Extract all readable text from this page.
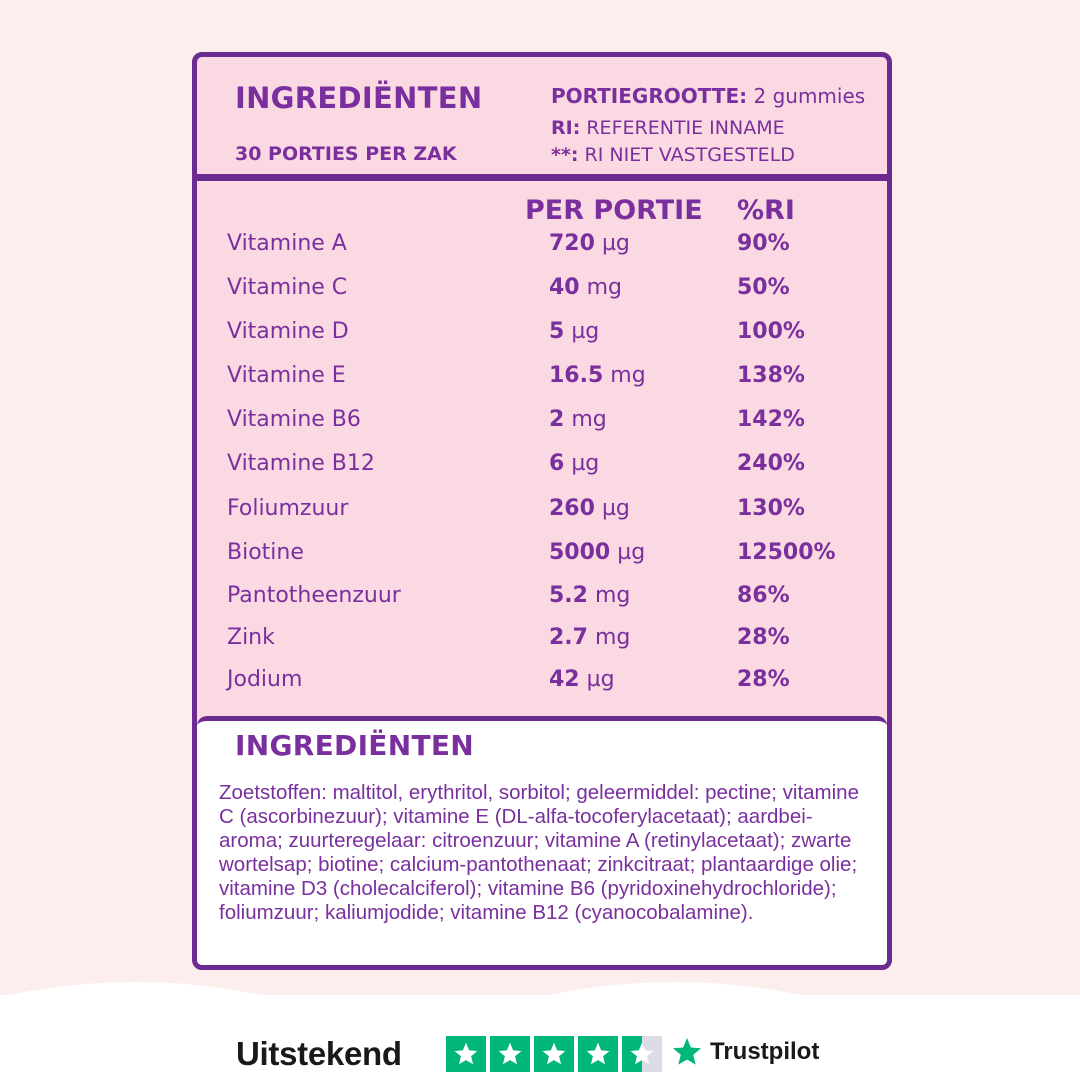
INGREDIËNTEN
30 PORTIES PER ZAK
PORTIEGROOTTE: 2 gummies
RI: REFERENTIE INNAME
**: RI NIET VASTGESTELD
PER PORTIE %RI
Vitamine A	720 µg	90%
Vitamine C	40 mg	50%
Vitamine D	5 µg	100%
Vitamine E	16.5 mg	138%
Vitamine B6	2 mg	142%
Vitamine B12	6 µg	240%
Foliumzuur	260 µg	130%
Biotine	5000 µg	12500%
Pantotheenzuur	5.2 mg	86%
Zink	2.7 mg	28%
Jodium	42 µg	28%
INGREDIËNTEN
Zoetstoffen: maltitol, erythritol, sorbitol; geleermiddel: pectine; vitamine C (ascorbinezuur); vitamine E (DL-alfa-tocoferylacetaat); aardbei-aroma; zuurteregelaar: citroenzuur; vitamine A (retinylacetaat); zwarte wortelsap; biotine; calcium-pantothenaat; zinkcitraat; plantaardige olie; vitamine D3 (cholecalciferol); vitamine B6 (pyridoxinehydrochloride); foliumzuur; kaliumjodide; vitamine B12 (cyanocobalamine).
Uitstekend	Trustpilot
